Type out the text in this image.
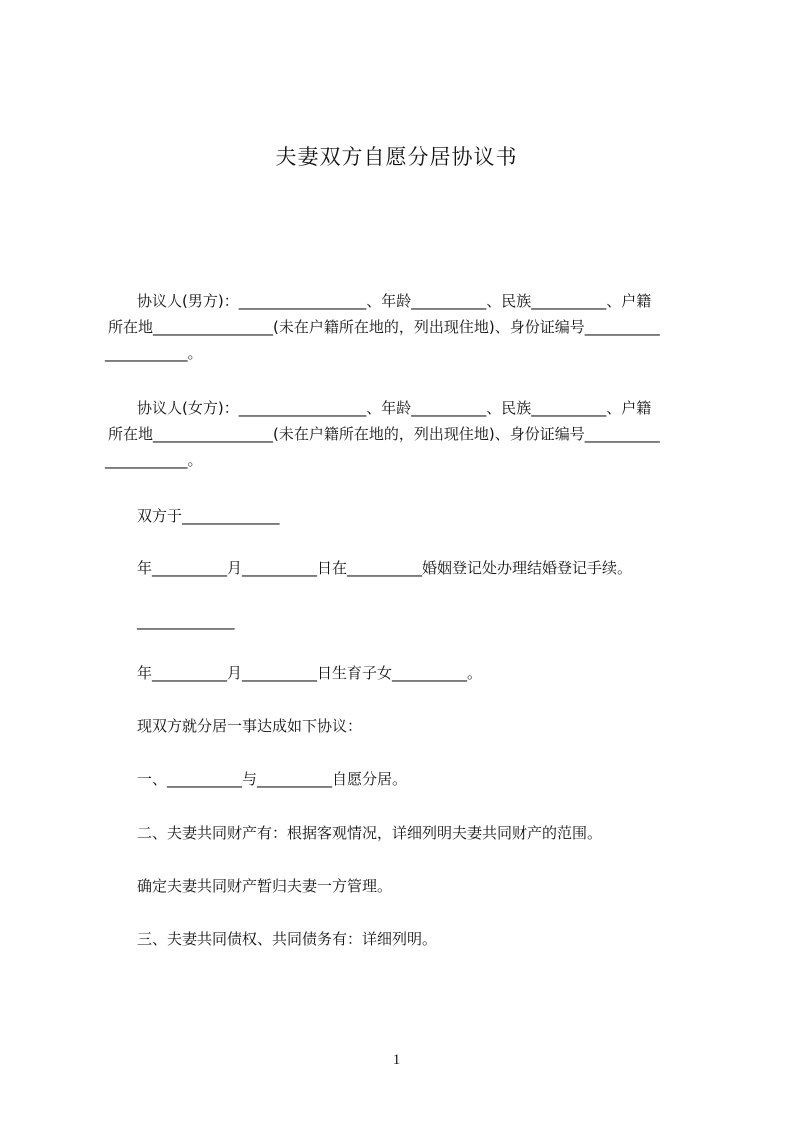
夫妻双方自愿分居协议书
协议人(男方)：_________________、年龄__________、民族__________、户籍
所在地________________(未在户籍所在地的，列出现住地)、身份证编号__________
___________。
协议人(女方)：_________________、年龄__________、民族__________、户籍
所在地________________(未在户籍所在地的，列出现住地)、身份证编号__________
___________。
双方于_____________
年__________月__________日在__________婚姻登记处办理结婚登记手续。
_____________
年__________月__________日生育子女__________。
现双方就分居一事达成如下协议：
一、__________与__________自愿分居。
二、夫妻共同财产有：根据客观情况，详细列明夫妻共同财产的范围。
确定夫妻共同财产暂归夫妻一方管理。
三、夫妻共同债权、共同债务有：详细列明。
1
